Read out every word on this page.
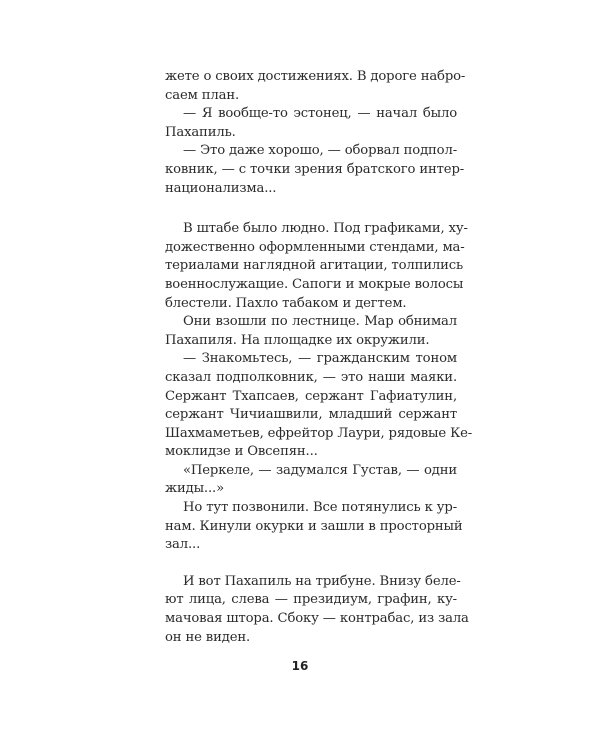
жете о своих достижениях. В дороге набро-
саем план.
— Я вообще-то эстонец, — начал было
Пахапиль.
— Это даже хорошо, — оборвал подпол-
ковник, — с точки зрения братского интер-
национализма...
В штабе было людно. Под графиками, ху-
дожественно оформленными стендами, ма-
териалами наглядной агитации, толпились
военнослужащие. Сапоги и мокрые волосы
блестели. Пахло табаком и дегтем.
Они взошли по лестнице. Мар обнимал
Пахапиля. На площадке их окружили.
— Знакомьтесь, — гражданским тоном
сказал подполковник, — это наши маяки.
Сержант Тхапсаев, сержант Гафиатулин,
сержант Чичиашвили, младший сержант
Шахмаметьев, ефрейтор Лаури, рядовые Ке-
моклидзе и Овсепян...
«Перкеле, — задумался Густав, — одни
жиды...»
Но тут позвонили. Все потянулись к ур-
нам. Кинули окурки и зашли в просторный
зал...
И вот Пахапиль на трибуне. Внизу беле-
ют лица, слева — президиум, графин, ку-
мачовая штора. Сбоку — контрабас, из зала
он не виден.
16
